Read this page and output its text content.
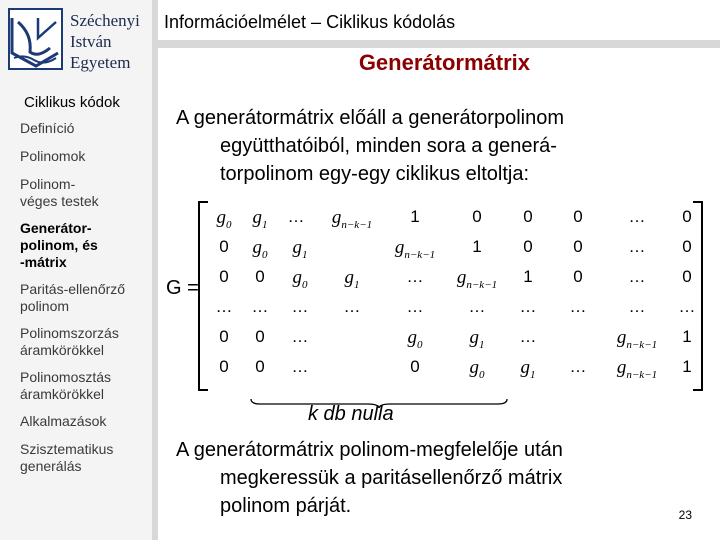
Széchenyi
István
Egyetem
Ciklikus kódok

Definíció

Polinomok

Polinom-
véges testek

Generátor-
polinom, és
-mátrix

Paritás-ellenőrző
polinom

Polinomszorzás
áramkörökkel

Polinomosztás
áramkörökkel

Alkalmazások

Szisztematikus
generálás

Információelmélet – Ciklikus kódolás
Generátormátrix
A generátormátrix előáll a generátorpolinom
együtthatóiból, minden sora a generá-
torpolinom egy-egy ciklikus eltoltja:
G =
$g_0$ $g_1$ … $g_{n-k-1}$ 1	0 0 0	… 0
0 $g_0$ $g_1$	$g_{n-k-1}$ 1 0 0	… 0
0 0 $g_0$ $g_1$	… $g_{n-k-1}$ 1 0	… 0
… … … …	…	… … … … …
0 0 …	$g_0$ $g_1$ …	$g_{n-k-1}$ 1
0 0 …	0	$g_0$ $g_1$ … $g_{n-k-1}$ 1
k db nulla
A generátormátrix polinom-megfelelője után
megkeressük a paritásellenőrző mátrix
polinom párját.	23
